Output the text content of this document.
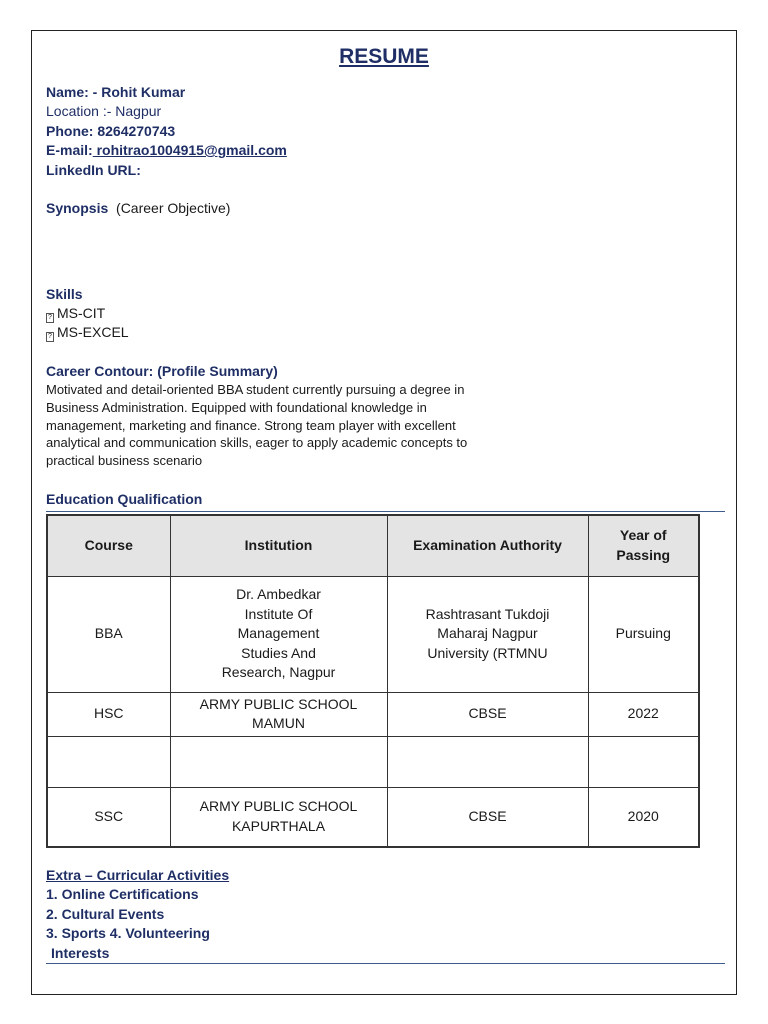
RESUME
Name: - Rohit Kumar
Location :- Nagpur
Phone: 8264270743
E-mail: rohitrao1004915@gmail.com
LinkedIn URL:
Synopsis (Career Objective)
Skills
? MS-CIT
? MS-EXCEL
Career Contour: (Profile Summary)
Motivated and detail-oriented BBA student currently pursuing a degree in
Business Administration. Equipped with foundational knowledge in
management, marketing and finance. Strong team player with excellent
analytical and communication skills, eager to apply academic concepts to
practical business scenario
Education Qualification
Course	Institution	Examination Authority	Year of Passing
BBA	Dr. Ambedkar Institute Of Management Studies And Research, Nagpur	Rashtrasant Tukdoji Maharaj Nagpur University (RTMNU	Pursuing
HSC	ARMY PUBLIC SCHOOL MAMUN	CBSE	2022

SSC	ARMY PUBLIC SCHOOL KAPURTHALA	CBSE	2020
Extra – Curricular Activities
1. Online Certifications
2. Cultural Events
3. Sports 4. Volunteering
Interests
